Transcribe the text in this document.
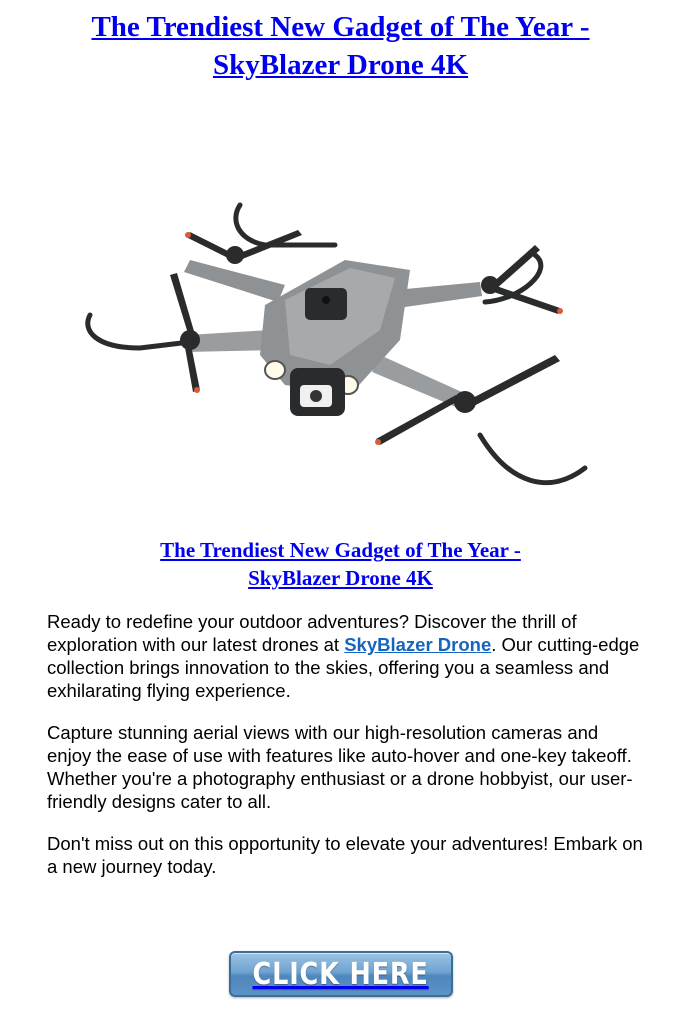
The Trendiest New Gadget of The Year -
SkyBlazer Drone 4K
The Trendiest New Gadget of The Year -
SkyBlazer Drone 4K

Ready to redefine your outdoor adventures? Discover the thrill of exploration with our latest drones at SkyBlazer Drone. Our cutting-edge collection brings innovation to the skies, offering you a seamless and exhilarating flying experience.

Capture stunning aerial views with our high-resolution cameras and enjoy the ease of use with features like auto-hover and one-key takeoff. Whether you're a photography enthusiast or a drone hobbyist, our user-friendly designs cater to all.

Don't miss out on this opportunity to elevate your adventures! Embark on a new journey today.

CLICK HERE
